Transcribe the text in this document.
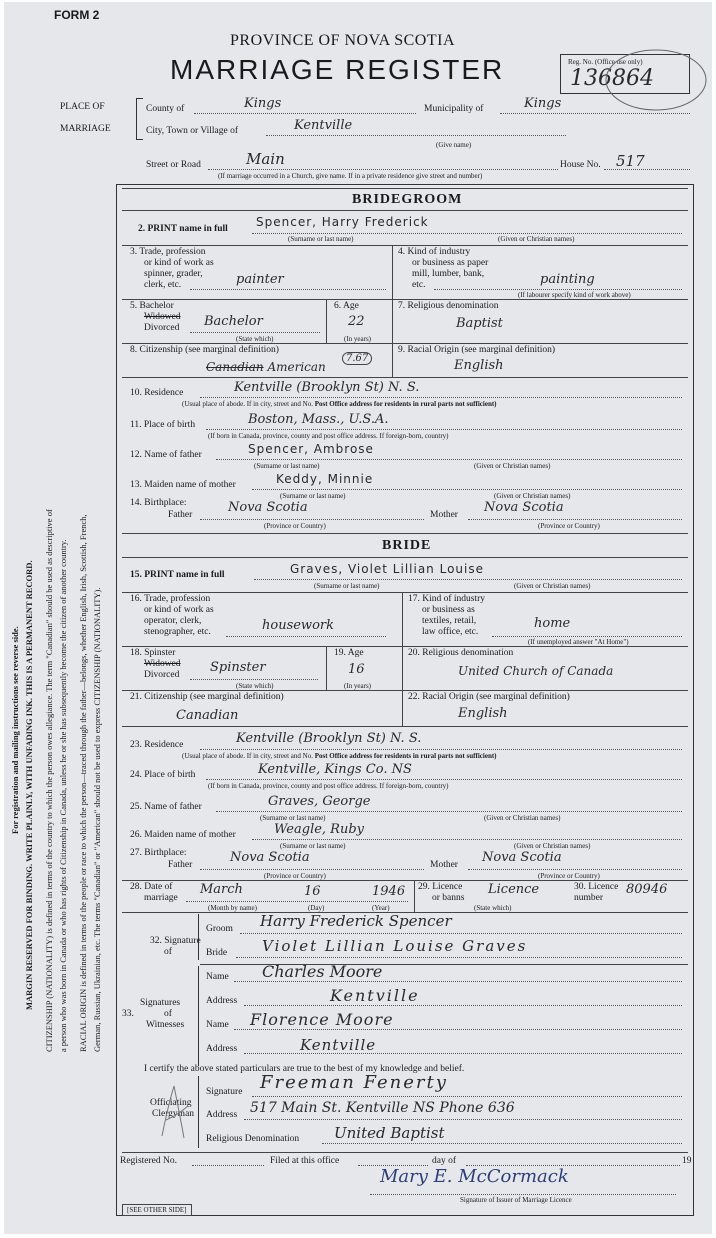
FORM 2
PROVINCE OF NOVA SCOTIA
MARRIAGE REGISTER	Reg. No. (Office use only)
136864
PLACE OF
MARRIAGE
County of	Kings	Municipality of	Kings
City, Town or Village of	Kentville
(Give name)
Street or Road	Main	House No. 517
(If marriage occurred in a Church, give name. If in a private residence give street and number)
For registration and mailing instructions see reverse side. MARGIN RESERVED FOR BINDING. WRITE PLAINLY, WITH UNFADING INK. THIS IS A PERMANENT RECORD. CITIZENSHIP (NATIONALITY) is defined in terms of the country to which the person owes allegiance. The term "Canadian" should be used as descriptive of a person who was born in Canada or who has rights of Citizenship in Canada, unless he or she has subsequently become the citizen of another country. RACIAL ORIGIN is defined in terms of the people or race to which the person—traced through the father—belongs, whether English, Irish, Scottish, French, German, Russian, Ukrainian, etc. The terms "Canadian" or "American" should not be used to express CITIZENSHIP (NATIONALITY).
BRIDEGROOM
2. PRINT name in full Spencer, Harry Frederick
(Surname or last name)	(Given or Christian names)
3. Trade, profession
or kind of work as
spinner, grader,
clerk, etc.	painter
4. Kind of industry
or business as paper
mill, lumber, bank,
etc.	painting
(If labourer specify kind of work above)
5. Bachelor
Widowed
Divorced Bachelor
(State which)
6. Age
22
(In years)
7. Religious denomination
Baptist
8. Citizenship (see marginal definition)
Canadian American
7.67
9. Racial Origin (see marginal definition)
English
10. Residence	Kentville (Brooklyn St) N. S.
(Usual place of abode. If in city, street and No. Post Office address for residents in rural parts not sufficient)
11. Place of birth	Boston, Mass., U.S.A.
(If born in Canada, province, county and post office address. If foreign-born, country)
12. Name of father	Spencer, Ambrose
(Surname or last name)	(Given or Christian names)
13. Maiden name of mother	Keddy, Minnie
(Surname or last name)	(Given or Christian names)
14. Birthplace:
Father	Nova Scotia
(Province or Country)
Mother Nova Scotia
(Province or Country)
BRIDE
15. PRINT name in full	Graves, Violet Lillian Louise
(Surname or last name)	(Given or Christian names)
16. Trade, profession
or kind of work as
operator, clerk,
stenographer, etc.	housework
17. Kind of industry
or business as
textiles, retail,
law office, etc.
home
(If unemployed answer "At Home")
18. Spinster
Widowed
Divorced Spinster
(State which)
19. Age
16
(In years)
20. Religious denomination
United Church of Canada
21. Citizenship (see marginal definition)
Canadian
22. Racial Origin (see marginal definition)
English
23. Residence	Kentville (Brooklyn St) N. S.
(Usual place of abode. If in city, street and No. Post Office address for residents in rural parts not sufficient)
24. Place of birth	Kentville, Kings Co. NS
(If born in Canada, province, county and post office address. If foreign-born, country)
25. Name of father	Graves, George
(Surname or last name)	(Given or Christian names)
26. Maiden name of mother	Weagle, Ruby
(Surname or last name)	(Given or Christian names)
27. Birthplace:
Father	Nova Scotia
(Province or Country)
Mother Nova Scotia
(Province or Country)
28. Date of
marriage
March	16	1946
(Month by name)	(Day)	(Year)
29. Licence
or banns
Licence
(State which)
30. Licence
number
80946
32. Signature
of
Groom Harry Frederick Spencer
Bride Violet Lillian Louise Graves
Signatures
of
Witnesses
33.
Name Charles Moore
Address	Kentville
Name Florence Moore
Address	Kentville
I certify the above stated particulars are true to the best of my knowledge and belief.
Officiating
Clergyman
Signature Freeman Fenerty
Address 517 Main St. Kentville NS Phone 636
Religious Denomination United Baptist
Registered No.	Filed at this office	day of	19
Mary E. McCormack
Signature of Issuer of Marriage Licence
[SEE OTHER SIDE]
